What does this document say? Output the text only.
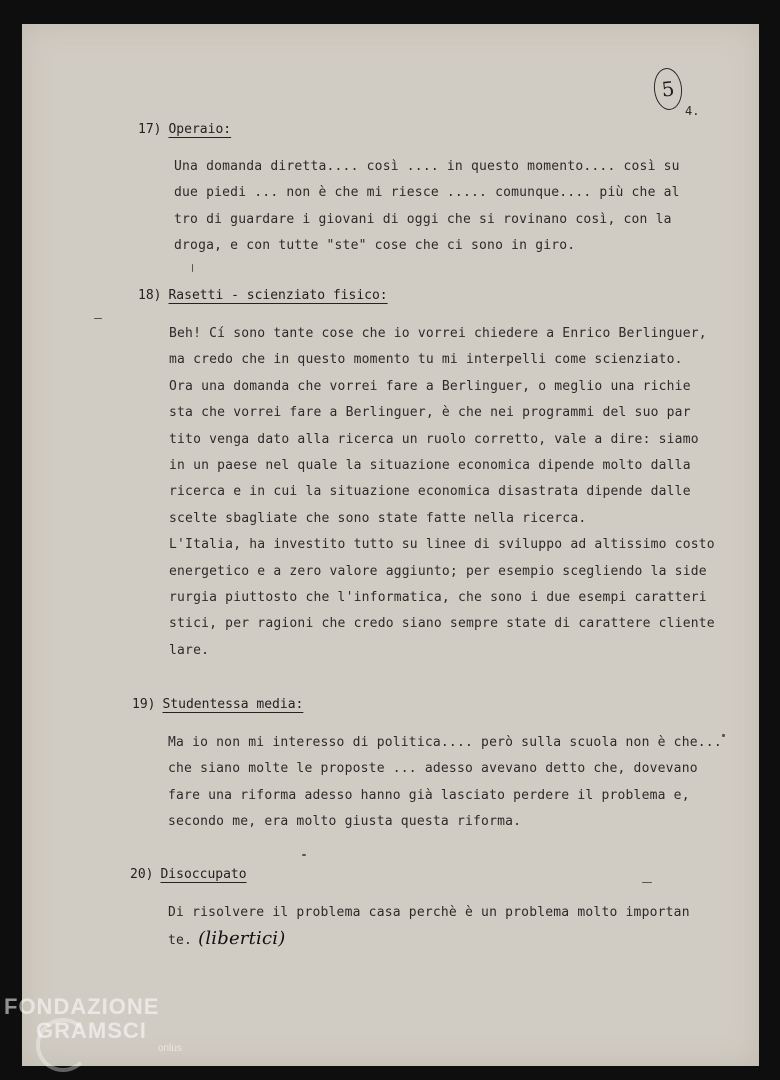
5
4.
17) Operaio:
Una domanda diretta.... così .... in questo momento.... così su
due piedi ... non è che mi riesce ..... comunque.... più che al
tro di guardare i giovani di oggi che si rovinano così, con la
droga, e con tutte "ste" cose che ci sono in giro.
18) Rasetti - scienziato fisico:
Beh! Cí sono tante cose che io vorrei chiedere a Enrico Berlinguer,
ma credo che in questo momento tu mi interpelli come scienziato.
Ora una domanda che vorrei fare a Berlinguer, o meglio una richie
sta che vorrei fare a Berlinguer, è che nei programmi del suo par
tito venga dato alla ricerca un ruolo corretto, vale a dire: siamo
in un paese nel quale la situazione economica dipende molto dalla
ricerca e in cui la situazione economica disastrata dipende dalle
scelte sbagliate che sono state fatte nella ricerca.
L'Italia, ha investito tutto su linee di sviluppo ad altissimo costo
energetico e a zero valore aggiunto; per esempio scegliendo la side
rurgia piuttosto che l'informatica, che sono i due esempi caratteri
stici, per ragioni che credo siano sempre state di carattere cliente
lare.
19) Studentessa media:
Ma io non mi interesso di politica.... però sulla scuola non è che...
che siano molte le proposte ... adesso avevano detto che, dovevano
fare una riforma adesso hanno già lasciato perdere il problema e,
secondo me, era molto giusta questa riforma.
20) Disoccupato
Di risolvere il problema casa perchè è un problema molto importan
te. (libertici)
FONDAZIONE
GRAMSCI
onlus
